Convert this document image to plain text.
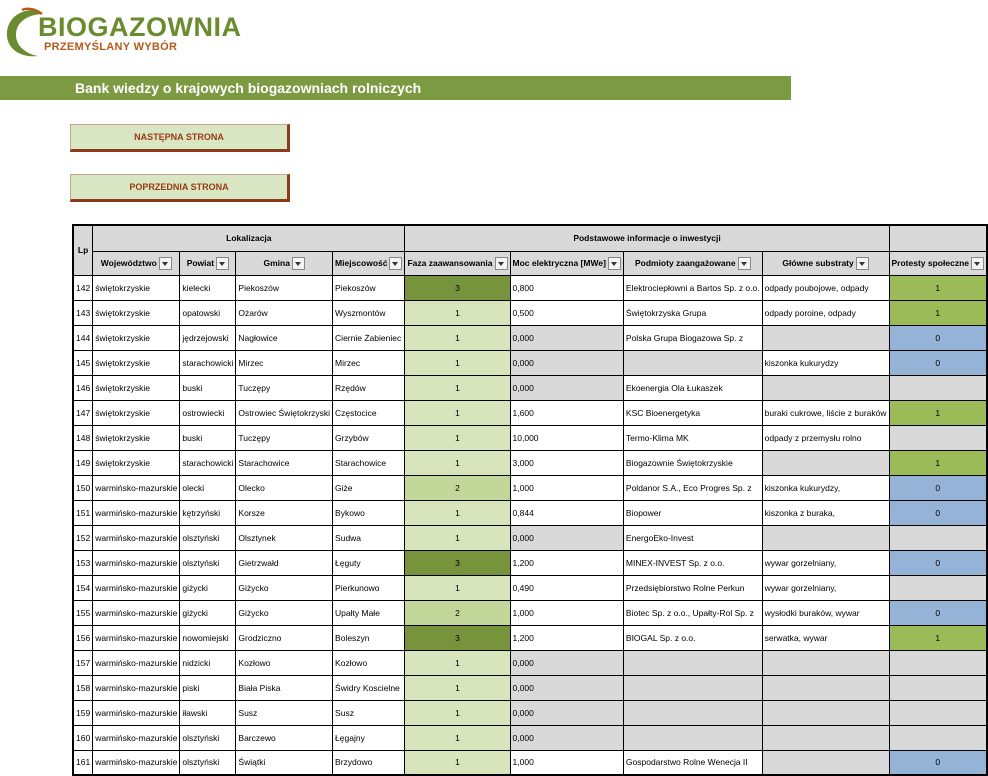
BIOGAZOWNIA
PRZEMYŚLANY WYBÓR
Bank wiedzy o krajowych biogazowniach rolniczych
NASTĘPNA STRONA
POPRZEDNIA STRONA
Lp	Lokalizacja				Podstawowe informacje o inwestycji				
	Województwo	Powiat	Gmina	Miejscowość	Faza zaawansowania	Moc elektryczna [MWe]	Podmioty zaangażowane	Główne substraty	Protesty społeczne
142	świętokrzyskie	kielecki	Piekoszów	Piekoszów	3	0,800	Elektrociepłowni a Bartos Sp. z o.o.	odpady poubojowe, odpady	1
143	świętokrzyskie	opatowski	Ożarów	Wyszmontów	1	0,500	Świętokrzyska Grupa	odpady poroine, odpady	1
144	świętokrzyskie	jędrzejowski	Nagłowice	Ciernie Żabieniec	1	0,000	Polska Grupa Biogazowa Sp. z		0
145	świętokrzyskie	starachowicki	Mirzec	Mirzec	1	0,000		kiszonka kukurydzy	0
146	świętokrzyskie	buski	Tuczępy	Rzędów	1	0,000	Ekoenergia Ola Łukaszek		
147	świętokrzyskie	ostrowiecki	Ostrowiec Świętokrzyski	Częstocice	1	1,600	KSC Bioenergetyka	buraki cukrowe, liście z buraków	1
148	świętokrzyskie	buski	Tuczępy	Grzybów	1	10,000	Termo-Klima MK	odpady z przemysłu rolno	
149	świętokrzyskie	starachowicki	Starachowice	Starachowice	1	3,000	Biogazownie Świętokrzyskie		1
150	warmińsko-mazurskie	olecki	Olecko	Giże	2	1,000	Poldanor S.A., Eco Progres Sp. z	kiszonka kukurydzy,	0
151	warmińsko-mazurskie	kętrzyński	Korsze	Bykowo	1	0,844	Biopower	kiszonka z buraka,	0
152	warmińsko-mazurskie	olsztyński	Olsztynek	Sudwa	1	0,000	EnergoEko-Invest		
153	warmińsko-mazurskie	olsztyński	Gietrzwałd	Łęguty	3	1,200	MINEX-INVEST Sp. z o.o.	wywar gorzelniany,	0
154	warmińsko-mazurskie	giżycki	Giżycko	Pierkunowo	1	0,490	Przedsiębiorstwo Rolne Perkun	wywar gorzelniany,	
155	warmińsko-mazurskie	giżycki	Giżycko	Upałty Małe	2	1,000	Biotec Sp. z o.o., Upałty-Rol Sp. z	wysłodki buraków, wywar	0
156	warmińsko-mazurskie	nowomiejski	Grodziczno	Boleszyn	3	1,200	BIOGAL Sp. z o.o.	serwatka, wywar	1
157	warmińsko-mazurskie	nidzicki	Kozłowo	Kozłowo	1	0,000			
158	warmińsko-mazurskie	piski	Biała Piska	Świdry Koscielne	1	0,000			
159	warmińsko-mazurskie	iławski	Susz	Susz	1	0,000			
160	warmińsko-mazurskie	olsztyński	Barczewo	Łęgajny	1	0,000			
161	warmińsko-mazurskie	olsztyński	Świątki	Brzydowo	1	1,000	Gospodarstwo Rolne Wenecja II		0
